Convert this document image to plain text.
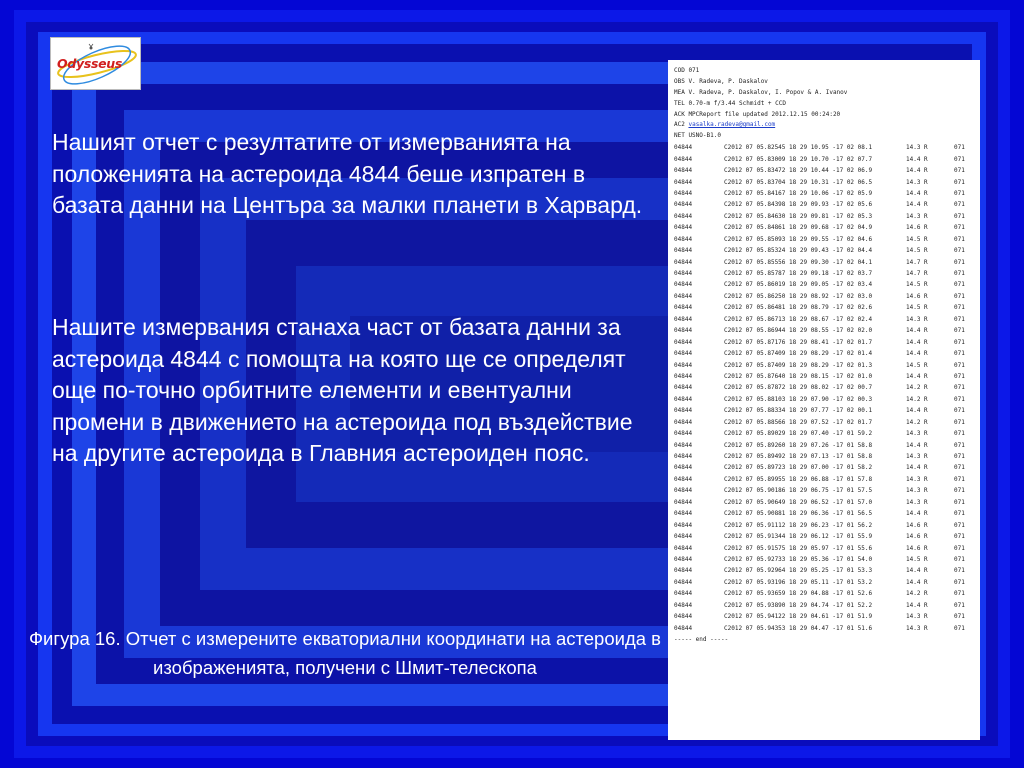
Odysseus

Нашият отчет с резултатите от измерванията на положенията на астероида 4844 беше изпратен в базата данни на Центъра за малки планети в Харвард.

Нашите измервания станаха част от базата данни за астероида 4844 с помощта на която ще се определят още по-точно орбитните елементи и евентуални промени в движението на астероида под въздействие на другите астероида в Главния астероиден пояс.

Фигура 16. Отчет с измерените екваториални координати на астероида в изображенията, получени с Шмит-телескопа

COD 071
OBS V. Radeva, P. Daskalov
MEA V. Radeva, P. Daskalov, I. Popov & A. Ivanov
TEL 0.70-m f/3.44 Schmidt + CCD
ACK MPCReport file updated 2012.12.15 00:24:20
AC2 vasalka.radeva@gmail.com
NET USNO-B1.0
04844	C2012 07 05.82545 18 29 10.95 -17 02 08.1	14.3 R	071
04844	C2012 07 05.83009 18 29 10.70 -17 02 07.7	14.4 R	071
04844	C2012 07 05.83472 18 29 10.44 -17 02 06.9	14.4 R	071
04844	C2012 07 05.83704 18 29 10.31 -17 02 06.5	14.3 R	071
04844	C2012 07 05.84167 18 29 10.06 -17 02 05.9	14.4 R	071
04844	C2012 07 05.84398 18 29 09.93 -17 02 05.6	14.4 R	071
04844	C2012 07 05.84630 18 29 09.81 -17 02 05.3	14.3 R	071
04844	C2012 07 05.84861 18 29 09.68 -17 02 04.9	14.6 R	071
04844	C2012 07 05.85093 18 29 09.55 -17 02 04.6	14.5 R	071
04844	C2012 07 05.85324 18 29 09.43 -17 02 04.4	14.5 R	071
04844	C2012 07 05.85556 18 29 09.30 -17 02 04.1	14.7 R	071
04844	C2012 07 05.85787 18 29 09.18 -17 02 03.7	14.7 R	071
04844	C2012 07 05.86019 18 29 09.05 -17 02 03.4	14.5 R	071
04844	C2012 07 05.86250 18 29 08.92 -17 02 03.0	14.6 R	071
04844	C2012 07 05.86481 18 29 08.79 -17 02 02.6	14.5 R	071
04844	C2012 07 05.86713 18 29 08.67 -17 02 02.4	14.3 R	071
04844	C2012 07 05.86944 18 29 08.55 -17 02 02.0	14.4 R	071
04844	C2012 07 05.87176 18 29 08.41 -17 02 01.7	14.4 R	071
04844	C2012 07 05.87409 18 29 08.29 -17 02 01.4	14.4 R	071
04844	C2012 07 05.87409 18 29 08.29 -17 02 01.3	14.5 R	071
04844	C2012 07 05.87640 18 29 08.15 -17 02 01.0	14.4 R	071
04844	C2012 07 05.87872 18 29 08.02 -17 02 00.7	14.2 R	071
04844	C2012 07 05.88103 18 29 07.90 -17 02 00.3	14.2 R	071
04844	C2012 07 05.88334 18 29 07.77 -17 02 00.1	14.4 R	071
04844	C2012 07 05.88566 18 29 07.52 -17 02 01.7	14.2 R	071
04844	C2012 07 05.89029 18 29 07.40 -17 01 59.2	14.3 R	071
04844	C2012 07 05.89260 18 29 07.26 -17 01 58.8	14.4 R	071
04844	C2012 07 05.89492 18 29 07.13 -17 01 58.8	14.3 R	071
04844	C2012 07 05.89723 18 29 07.00 -17 01 58.2	14.4 R	071
04844	C2012 07 05.89955 18 29 06.88 -17 01 57.8	14.3 R	071
04844	C2012 07 05.90186 18 29 06.75 -17 01 57.5	14.3 R	071
04844	C2012 07 05.90649 18 29 06.52 -17 01 57.0	14.3 R	071
04844	C2012 07 05.90881 18 29 06.36 -17 01 56.5	14.4 R	071
04844	C2012 07 05.91112 18 29 06.23 -17 01 56.2	14.6 R	071
04844	C2012 07 05.91344 18 29 06.12 -17 01 55.9	14.6 R	071
04844	C2012 07 05.91575 18 29 05.97 -17 01 55.6	14.6 R	071
04844	C2012 07 05.92733 18 29 05.36 -17 01 54.0	14.5 R	071
04844	C2012 07 05.92964 18 29 05.25 -17 01 53.3	14.4 R	071
04844	C2012 07 05.93196 18 29 05.11 -17 01 53.2	14.4 R	071
04844	C2012 07 05.93659 18 29 04.88 -17 01 52.6	14.2 R	071
04844	C2012 07 05.93890 18 29 04.74 -17 01 52.2	14.4 R	071
04844	C2012 07 05.94122 18 29 04.61 -17 01 51.9	14.3 R	071
04844	C2012 07 05.94353 18 29 04.47 -17 01 51.6	14.3 R	071
----- end -----
